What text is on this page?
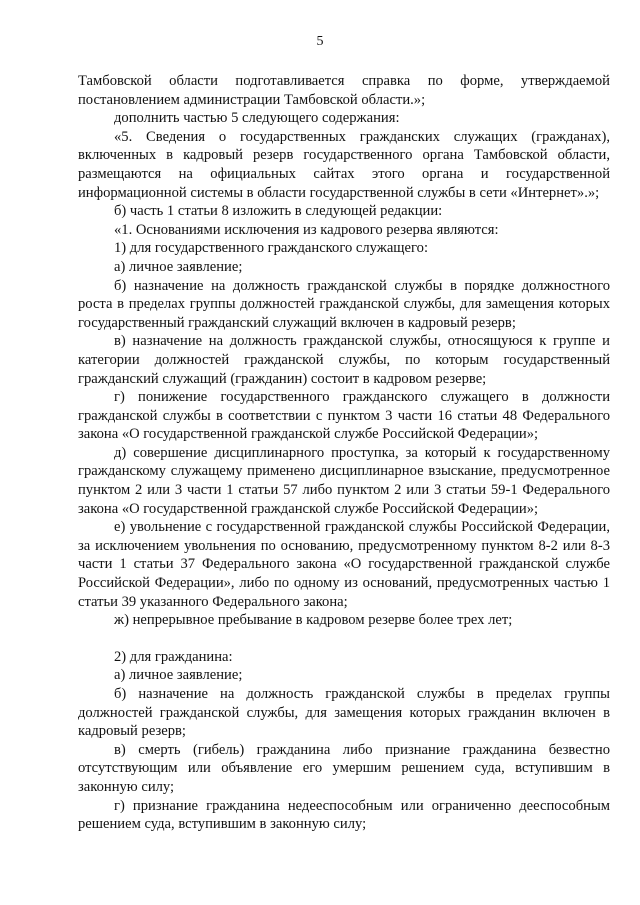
5

Тамбовской области подготавливается справка по форме, утверждаемой постановлением администрации Тамбовской области.»;

дополнить частью 5 следующего содержания:

«5. Сведения о государственных гражданских служащих (гражданах), включенных в кадровый резерв государственного органа Тамбовской области, размещаются на официальных сайтах этого органа и государственной информационной системы в области государственной службы в сети «Интернет».»;

б) часть 1 статьи 8 изложить в следующей редакции:

«1. Основаниями исключения из кадрового резерва являются:

1) для государственного гражданского служащего:

а) личное заявление;

б) назначение на должность гражданской службы в порядке должностного роста в пределах группы должностей гражданской службы, для замещения которых государственный гражданский служащий включен в кадровый резерв;

в) назначение на должность гражданской службы, относящуюся к группе и категории должностей гражданской службы, по которым государственный гражданский служащий (гражданин) состоит в кадровом резерве;

г) понижение государственного гражданского служащего в должности гражданской службы в соответствии с пунктом 3 части 16 статьи 48 Федерального закона «О государственной гражданской службе Российской Федерации»;

д) совершение дисциплинарного проступка, за который к государственному гражданскому служащему применено дисциплинарное взыскание, предусмотренное пунктом 2 или 3 части 1 статьи 57 либо пунктом 2 или 3 статьи 59-1 Федерального закона «О государственной гражданской службе Российской Федерации»;

е) увольнение с государственной гражданской службы Российской Федерации, за исключением увольнения по основанию, предусмотренному пунктом 8-2 или 8-3 части 1 статьи 37 Федерального закона «О государственной гражданской службе Российской Федерации», либо по одному из оснований, предусмотренных частью 1 статьи 39 указанного Федерального закона;

ж) непрерывное пребывание в кадровом резерве более трех лет;

2) для гражданина:

а) личное заявление;

б) назначение на должность гражданской службы в пределах группы должностей гражданской службы, для замещения которых гражданин включен в кадровый резерв;

в) смерть (гибель) гражданина либо признание гражданина безвестно отсутствующим или объявление его умершим решением суда, вступившим в законную силу;

г) признание гражданина недееспособным или ограниченно дееспособным решением суда, вступившим в законную силу;
